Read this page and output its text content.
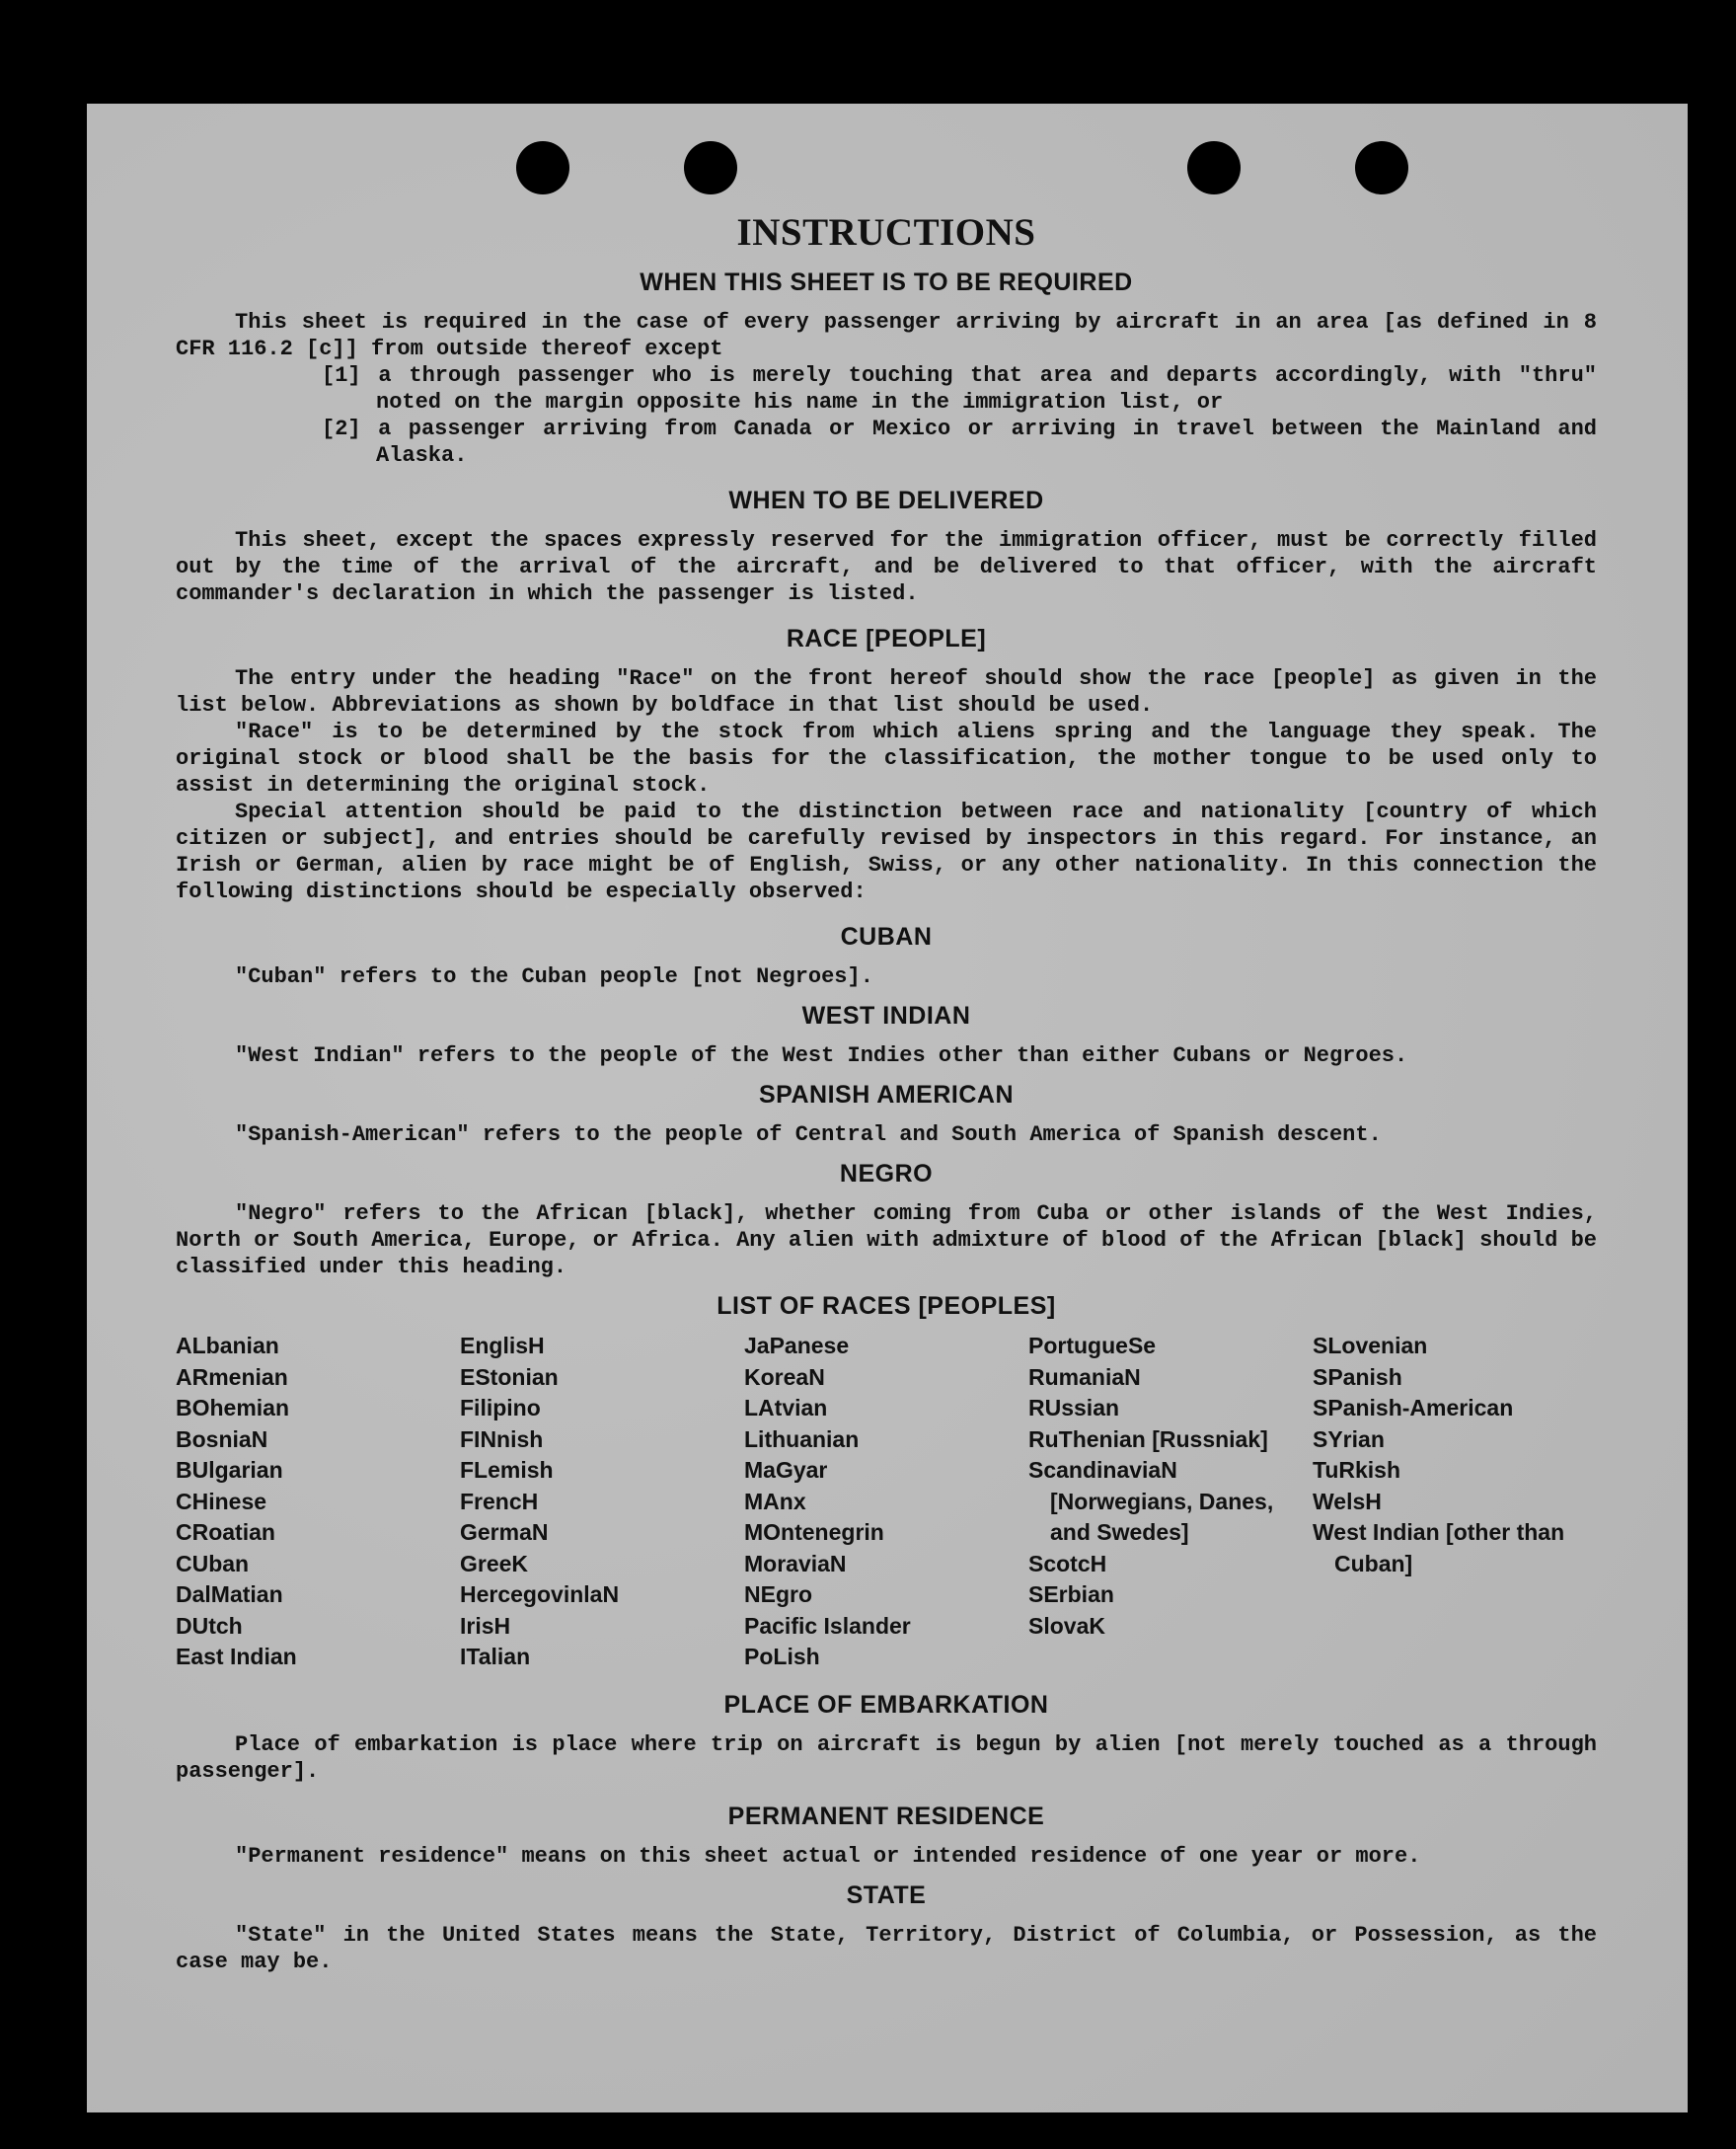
INSTRUCTIONS
WHEN THIS SHEET IS TO BE REQUIRED

This sheet is required in the case of every passenger arriving by aircraft in an area [as defined in 8 CFR 116.2 [c]] from outside thereof except

[1] a through passenger who is merely touching that area and departs accordingly, with "thru" noted on the margin opposite his name in the immigration list, or

[2] a passenger arriving from Canada or Mexico or arriving in travel between the Mainland and Alaska.

WHEN TO BE DELIVERED

This sheet, except the spaces expressly reserved for the immigration officer, must be correctly filled out by the time of the arrival of the aircraft, and be delivered to that officer, with the aircraft commander's declaration in which the passenger is listed.

RACE [PEOPLE]

The entry under the heading "Race" on the front hereof should show the race [people] as given in the list below. Abbreviations as shown by boldface in that list should be used.

"Race" is to be determined by the stock from which aliens spring and the language they speak. The original stock or blood shall be the basis for the classification, the mother tongue to be used only to assist in determining the original stock.

Special attention should be paid to the distinction between race and nationality [country of which citizen or subject], and entries should be carefully revised by inspectors in this regard. For instance, an Irish or German, alien by race might be of English, Swiss, or any other nationality. In this connection the following distinctions should be especially observed:

CUBAN

"Cuban" refers to the Cuban people [not Negroes].

WEST INDIAN

"West Indian" refers to the people of the West Indies other than either Cubans or Negroes.

SPANISH AMERICAN

"Spanish-American" refers to the people of Central and South America of Spanish descent.

NEGRO

"Negro" refers to the African [black], whether coming from Cuba or other islands of the West Indies, North or South America, Europe, or Africa. Any alien with admixture of blood of the African [black] should be classified under this heading.

LIST OF RACES [PEOPLES]
ALbanian
ARmenian
BOhemian
BosniaN
BUlgarian
CHinese
CRoatian
CUban
DalMatian
DUtch
East Indian
EnglisH
EStonian
Filipino
FINnish
FLemish
FrencH
GermaN
GreeK
HercegovinlaN
IrisH
ITalian
JaPanese
KoreaN
LAtvian
Lithuanian
MaGyar
MAnx
MOntenegrin
MoraviaN
NEgro
Pacific Islander
PoLish
PortugueSe
RumaniaN
RUssian
RuThenian [Russniak]
ScandinaviaN [Norwegians, Danes, and Swedes]
ScotcH
SErbian
SlovaK
SLovenian
SPanish
SPanish-American
SYrian
TuRkish
WelsH
West Indian [other than Cuban]
PLACE OF EMBARKATION

Place of embarkation is place where trip on aircraft is begun by alien [not merely touched as a through passenger].

PERMANENT RESIDENCE

"Permanent residence" means on this sheet actual or intended residence of one year or more.

STATE

"State" in the United States means the State, Territory, District of Columbia, or Possession, as the case may be.
